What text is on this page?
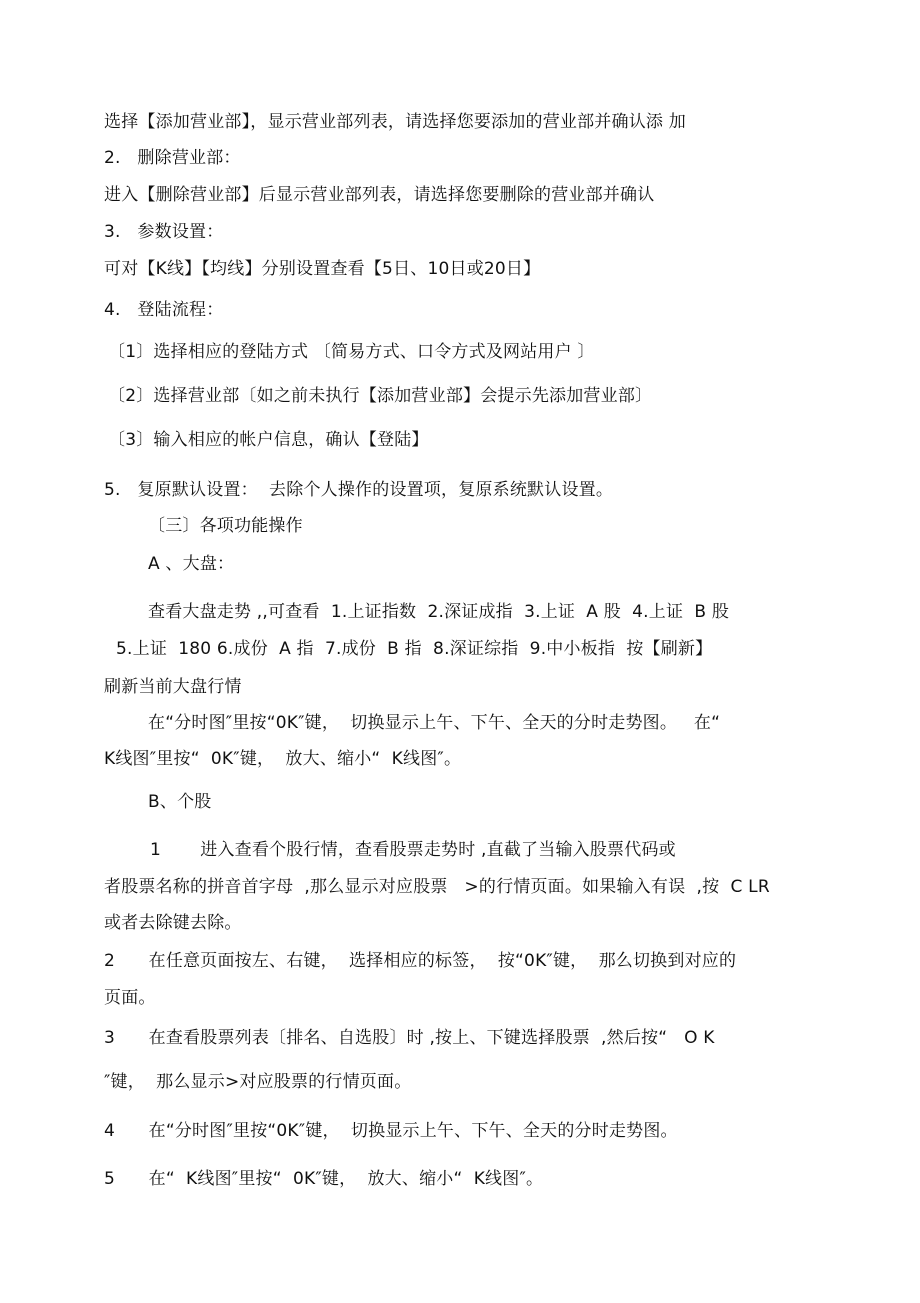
选择【添加营业部】，显示营业部列表，请选择您要添加的营业部并确认添 加
2.   删除营业部：
进入【删除营业部】后显示营业部列表，请选择您要删除的营业部并确认
3.   参数设置：
可对【K线】【均线】分别设置查看【5日、10日或20日】
4.   登陆流程：
〔1〕选择相应的登陆方式 〔简易方式、口令方式及网站用户 〕
〔2〕选择营业部〔如之前未执行【添加营业部】会提示先添加营业部〕
〔3〕输入相应的帐户信息，确认【登陆】
5.   复原默认设置：  去除个人操作的设置项，复原系统默认设置。
〔三〕各项功能操作
A 、大盘：
查看大盘走势 ,,可查看  1.上证指数  2.深证成指  3.上证  A 股  4.上证  B 股
5.上证  180 6.成份  A 指  7.成份  B 指  8.深证综指  9.中小板指  按【刷新】
刷新当前大盘行情
在“分时图″里按“0K″键，  切换显示上午、下午、全天的分时走势图。   在“
K线图″里按“  0K″键，  放大、缩小“  K线图″。
B、个股
1       进入查看个股行情，查看股票走势时 ,直截了当输入股票代码或
者股票名称的拼音首字母  ,那么显示对应股票   >的行情页面。如果输入有误  ,按  C LR
或者去除键去除。
2      在任意页面按左、右键，  选择相应的标签，  按“0K″键，  那么切换到对应的
页面。
3      在查看股票列表〔排名、自选股〕时 ,按上、下键选择股票  ,然后按“   O K
″键，  那么显示>对应股票的行情页面。
4      在“分时图″里按“0K″键，  切换显示上午、下午、全天的分时走势图。
5      在“  K线图″里按“  0K″键，  放大、缩小“  K线图″。
